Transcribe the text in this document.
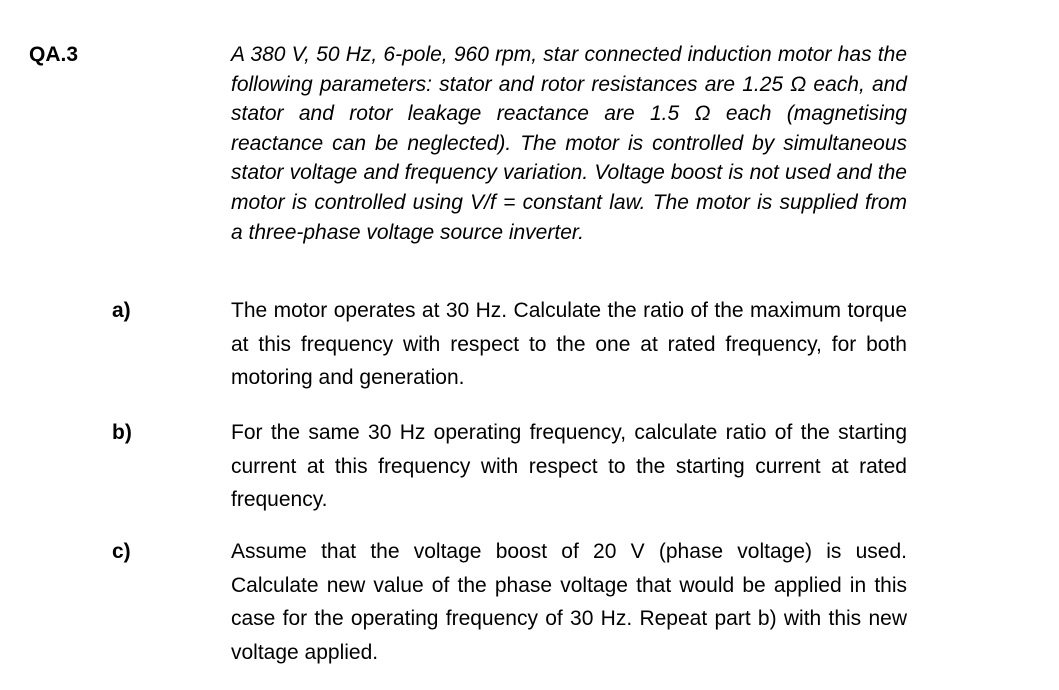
QA.3	A 380 V, 50 Hz, 6-pole, 960 rpm, star connected induction motor has the following parameters: stator and rotor resistances are 1.25 Ω each, and stator and rotor leakage reactance are 1.5 Ω each (magnetising reactance can be neglected). The motor is controlled by simultaneous stator voltage and frequency variation. Voltage boost is not used and the motor is controlled using V/f = constant law. The motor is supplied from a three-phase voltage source inverter.
a)	The motor operates at 30 Hz. Calculate the ratio of the maximum torque at this frequency with respect to the one at rated frequency, for both motoring and generation.
b)	For the same 30 Hz operating frequency, calculate ratio of the starting current at this frequency with respect to the starting current at rated frequency.
c)	Assume that the voltage boost of 20 V (phase voltage) is used. Calculate new value of the phase voltage that would be applied in this case for the operating frequency of 30 Hz. Repeat part b) with this new voltage applied.
